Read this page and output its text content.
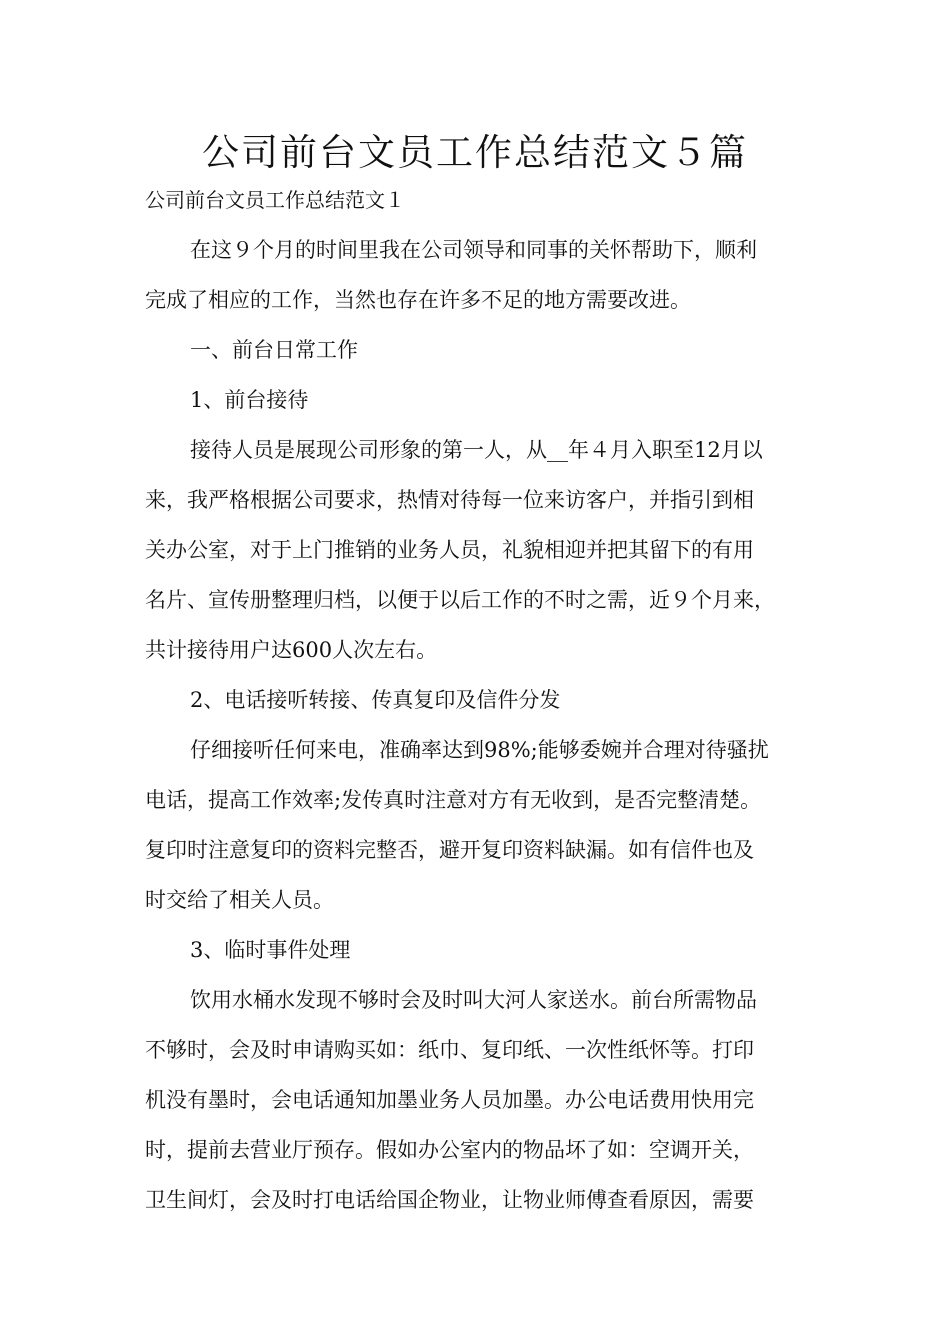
公司前台文员工作总结范文５篇

公司前台文员工作总结范文１

在这９个月的时间里我在公司领导和同事的关怀帮助下，顺利

完成了相应的工作，当然也存在许多不足的地方需要改进。

一、前台日常工作

1、前台接待

接待人员是展现公司形象的第一人，从__年４月入职至12月以

来，我严格根据公司要求，热情对待每一位来访客户，并指引到相

关办公室，对于上门推销的业务人员，礼貌相迎并把其留下的有用

名片、宣传册整理归档，以便于以后工作的不时之需，近９个月来，

共计接待用户达600人次左右。

2、电话接听转接、传真复印及信件分发

仔细接听任何来电，准确率达到98%;能够委婉并合理对待骚扰

电话，提高工作效率;发传真时注意对方有无收到，是否完整清楚。

复印时注意复印的资料完整否，避开复印资料缺漏。如有信件也及

时交给了相关人员。

3、临时事件处理

饮用水桶水发现不够时会及时叫大河人家送水。前台所需物品

不够时，会及时申请购买如：纸巾、复印纸、一次性纸怀等。打印

机没有墨时，会电话通知加墨业务人员加墨。办公电话费用快用完

时，提前去营业厅预存。假如办公室内的物品坏了如：空调开关，

卫生间灯，会及时打电话给国企物业，让物业师傅查看原因，需要
